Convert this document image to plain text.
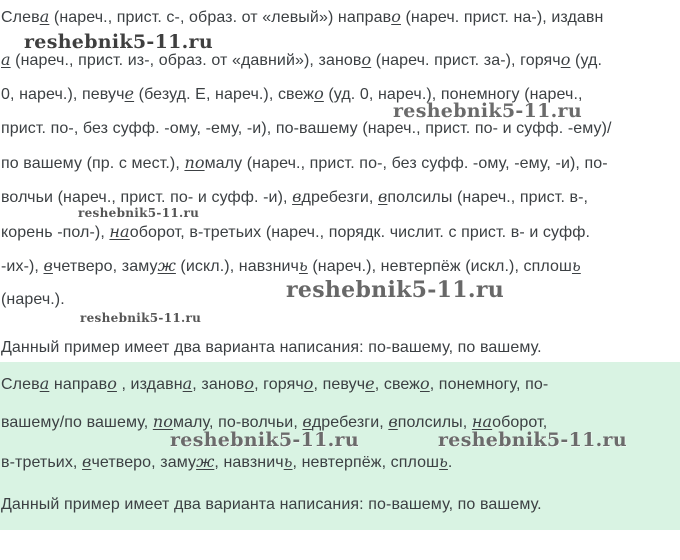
Слева (нареч., прист. с-, образ. от «левый») направо (нареч. прист. на-), издавн
а (нареч., прист. из-, образ. от «давний»), заново (нареч. прист. за-), горячо (уд.
0, нареч.), певуче (безуд. Е, нареч.), свежо (уд. 0, нареч.), понемногу (нареч.,
прист. по-, без суфф. -ому, -ему, -и), по-вашему (нареч., прист. по- и суфф. -ему)/
по вашему (пр. с мест.), помалу (нареч., прист. по-, без суфф. -ому, -ему, -и), по-
волчьи (нареч., прист. по- и суфф. -и), вдребезги, вполсилы (нареч., прист. в-,
корень -пол-), наоборот, в-третьих (нареч., порядк. числит. с прист. в- и суфф.
-их-), вчетверо, замуж (искл.), навзничь (нареч.), невтерпёж (искл.), сплошь
(нареч.).
Данный пример имеет два варианта написания: по-вашему, по вашему.
Слева направо , издавна, заново, горячо, певуче, свежо, понемногу, по-
вашему/по вашему, помалу, по-волчьи, вдребезги, вполсилы, наоборот,
в-третьих, вчетверо, замуж, навзничь, невтерпёж, сплошь.
Данный пример имеет два варианта написания: по-вашему, по вашему.
reshebnik5-11.ru
reshebnik5-11.ru
reshebnik5-11.ru
reshebnik5-11.ru
reshebnik5-11.ru
reshebnik5-11.ru	reshebnik5-11.ru
